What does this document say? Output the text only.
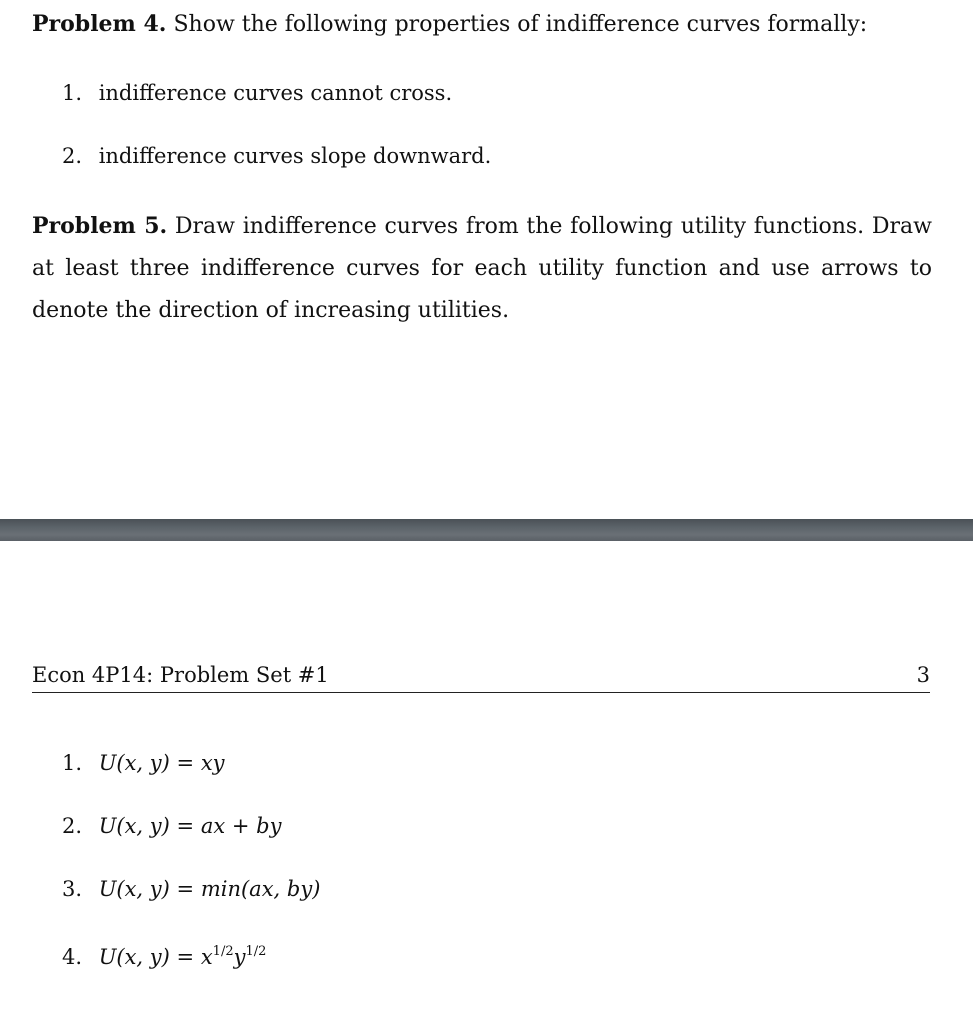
Problem 4. Show the following properties of indifference curves formally:
1. indifference curves cannot cross.
2. indifference curves slope downward.
Problem 5. Draw indifference curves from the following utility functions. Draw at least three indifference curves for each utility function and use arrows to denote the direction of increasing utilities.
Econ 4P14: Problem Set #1	3
1. U(x, y) = xy
2. U(x, y) = ax + by
3. U(x, y) = min(ax, by)
4. U(x, $y) = x^{1/2}y^{1/2}$
